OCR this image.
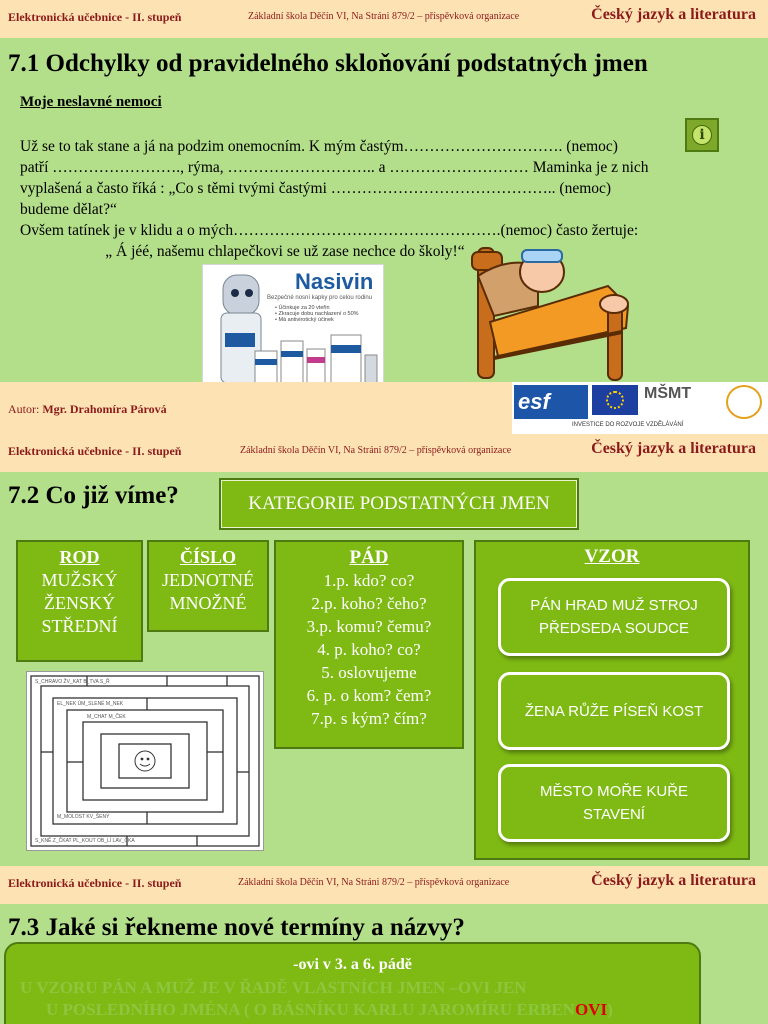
Elektronická učebnice - II. stupeň	Základní škola Děčín VI, Na Stráni 879/2 – příspěvková organizace	Český jazyk a literatura
7.1 Odchylky od pravidelného skloňování podstatných jmen
Moje neslavné nemoci
i
Už se to tak stane a já na podzim onemocním. K mým častým…………………………. (nemoc)
patří ……………………., rýma, ……………………….. a ……………………… Maminka je z nich
vyplašená a často říká : „Co s těmi tvými častými …………………………………….. (nemoc)
budeme dělat?“
Ovšem tatínek je v klidu a o mých…………………………………………….(nemoc) často žertuje:
„ Á jéé, našemu chlapečkovi se už zase nechce do školy!“
Nasivin
Bezpečné nosní kapky pro celou rodinu
• Účinkuje za 20 vteřin
• Zkracuje dobu nachlazení o 50%
• Má antivirotický účinek
Autor: Mgr. Drahomíra Párová	esf	MŠMT
INVESTICE DO ROZVOJE VZDĚLÁVÁNÍ
Elektronická učebnice - II. stupeň	Základní škola Děčín VI, Na Stráni 879/2 – příspěvková organizace	Český jazyk a literatura
7.2 Co již víme?	KATEGORIE PODSTATNÝCH JMEN
ROD
MUŽSKÝ
ŽENSKÝ
STŘEDNÍ
ČÍSLO
JEDNOTNÉ
MNOŽNÉ
PÁD
1.p. kdo? co?
2.p. koho? čeho?
3.p. komu? čemu?
4. p. koho? co?
5. oslovujeme
6. p. o kom? čem?
7.p. s kým? čím?
VZOR
PÁN HRAD MUŽ STROJ PŘEDSEDA SOUDCE
ŽENA RŮŽE PÍSEŇ KOST
MĚSTO MOŘE KUŘE STAVENÍ
S_CHRAVO ŽV_KAT B_TVA S_Ř
EL_NEK ÚM_SLENÉ M_NEK
M_CHAT M_ČEK
M_MOLOST KV_ŠENÝ
S_KNĚ Z_ČKAT PL_KOUT OB_LÍ LAV_ČKA
Elektronická učebnice - II. stupeň	Základní škola Děčín VI, Na Stráni 879/2 – příspěvková organizace	Český jazyk a literatura
7.3 Jaké si řekneme nové termíny a názvy?
-ovi v 3. a 6. pádě
U VZORU PÁN A MUŽ JE V ŘADĚ VLASTNÍCH JMEN –OVI JEN
U POSLEDNÍHO JMÉNA ( O BÁSNÍKU KARLU JAROMÍRU ERBENOVI)
